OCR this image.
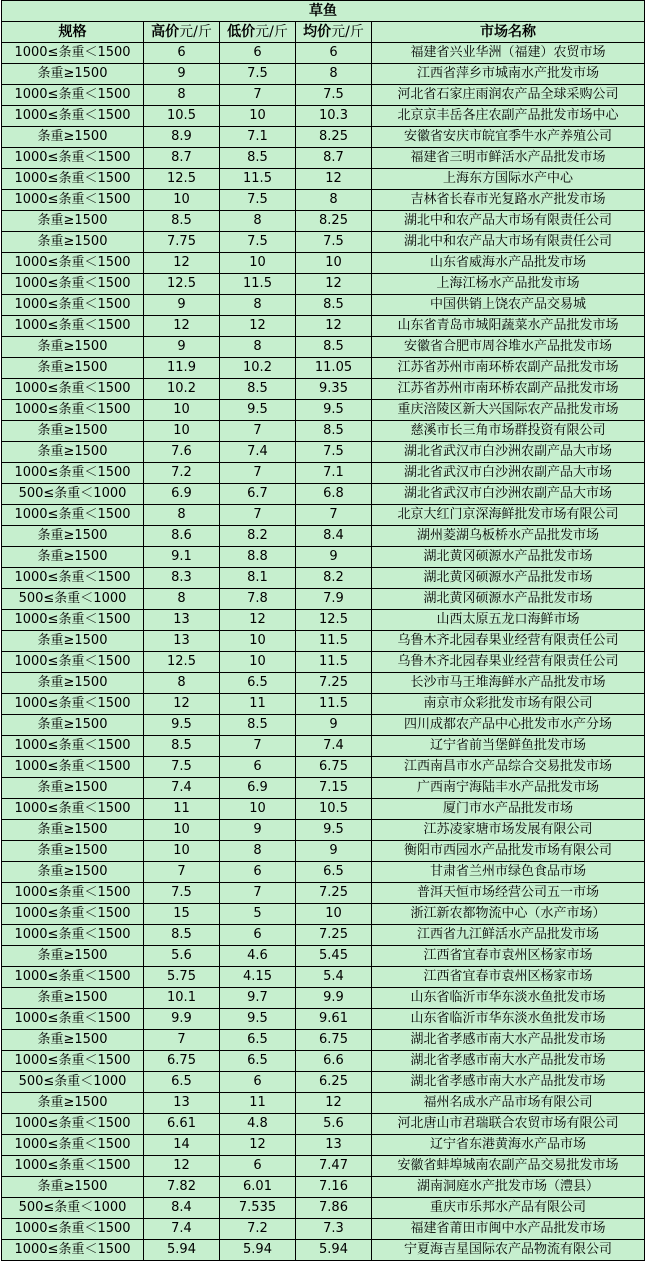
草鱼				
规格	高价元/斤	低价元/斤	均价元/斤	市场名称
1000≤条重＜1500	6	6	6	福建省兴业华洲（福建）农贸市场
条重≥1500	9	7.5	8	江西省萍乡市城南水产批发市场
1000≤条重＜1500	8	7	7.5	河北省石家庄雨润农产品全球采购公司
1000≤条重＜1500	10.5	10	10.3	北京京丰岳各庄农副产品批发市场中心
条重≥1500	8.9	7.1	8.25	安徽省安庆市皖宜季牛水产养殖公司
1000≤条重＜1500	8.7	8.5	8.7	福建省三明市鲜活水产品批发市场
1000≤条重＜1500	12.5	11.5	12	上海东方国际水产中心
1000≤条重＜1500	10	7.5	8	吉林省长春市光复路水产批发市场
条重≥1500	8.5	8	8.25	湖北中和农产品大市场有限责任公司
条重≥1500	7.75	7.5	7.5	湖北中和农产品大市场有限责任公司
1000≤条重＜1500	12	10	10	山东省威海水产品批发市场
1000≤条重＜1500	12.5	11.5	12	上海江杨水产品批发市场
1000≤条重＜1500	9	8	8.5	中国供销上饶农产品交易城
1000≤条重＜1500	12	12	12	山东省青岛市城阳蔬菜水产品批发市场
条重≥1500	9	8	8.5	安徽省合肥市周谷堆水产品批发市场
条重≥1500	11.9	10.2	11.05	江苏省苏州市南环桥农副产品批发市场
1000≤条重＜1500	10.2	8.5	9.35	江苏省苏州市南环桥农副产品批发市场
1000≤条重＜1500	10	9.5	9.5	重庆涪陵区新大兴国际农产品批发市场
条重≥1500	10	7	8.5	慈溪市长三角市场群投资有限公司
条重≥1500	7.6	7.4	7.5	湖北省武汉市白沙洲农副产品大市场
1000≤条重＜1500	7.2	7	7.1	湖北省武汉市白沙洲农副产品大市场
500≤条重＜1000	6.9	6.7	6.8	湖北省武汉市白沙洲农副产品大市场
1000≤条重＜1500	8	7	7	北京大红门京深海鲜批发市场有限公司
条重≥1500	8.6	8.2	8.4	湖州菱湖乌板桥水产品批发市场
条重≥1500	9.1	8.8	9	湖北黄冈硕源水产品批发市场
1000≤条重＜1500	8.3	8.1	8.2	湖北黄冈硕源水产品批发市场
500≤条重＜1000	8	7.8	7.9	湖北黄冈硕源水产品批发市场
1000≤条重＜1500	13	12	12.5	山西太原五龙口海鲜市场
条重≥1500	13	10	11.5	乌鲁木齐北园春果业经营有限责任公司
1000≤条重＜1500	12.5	10	11.5	乌鲁木齐北园春果业经营有限责任公司
条重≥1500	8	6.5	7.25	长沙市马王堆海鲜水产品批发市场
1000≤条重＜1500	12	11	11.5	南京市众彩批发市场有限公司
条重≥1500	9.5	8.5	9	四川成都农产品中心批发市水产分场
1000≤条重＜1500	8.5	7	7.4	辽宁省前当堡鲜鱼批发市场
1000≤条重＜1500	7.5	6	6.75	江西南昌市水产品综合交易批发市场
条重≥1500	7.4	6.9	7.15	广西南宁海陆丰水产品批发市场
1000≤条重＜1500	11	10	10.5	厦门市水产品批发市场
条重≥1500	10	9	9.5	江苏凌家塘市场发展有限公司
条重≥1500	10	8	9	衡阳市西园水产品批发市场有限公司
条重≥1500	7	6	6.5	甘肃省兰州市绿色食品市场
1000≤条重＜1500	7.5	7	7.25	普洱天恒市场经营公司五一市场
1000≤条重＜1500	15	5	10	浙江新农都物流中心（水产市场）
1000≤条重＜1500	8.5	6	7.25	江西省九江鲜活水产品批发市场
条重≥1500	5.6	4.6	5.45	江西省宜春市袁州区杨家市场
1000≤条重＜1500	5.75	4.15	5.4	江西省宜春市袁州区杨家市场
条重≥1500	10.1	9.7	9.9	山东省临沂市华东淡水鱼批发市场
1000≤条重＜1500	9.9	9.5	9.61	山东省临沂市华东淡水鱼批发市场
条重≥1500	7	6.5	6.75	湖北省孝感市南大水产品批发市场
1000≤条重＜1500	6.75	6.5	6.6	湖北省孝感市南大水产品批发市场
500≤条重＜1000	6.5	6	6.25	湖北省孝感市南大水产品批发市场
条重≥1500	13	11	12	福州名成水产品市场有限公司
1000≤条重＜1500	6.61	4.8	5.6	河北唐山市君瑞联合农贸市场有限公司
1000≤条重＜1500	14	12	13	辽宁省东港黄海水产品市场
1000≤条重＜1500	12	6	7.47	安徽省蚌埠城南农副产品交易批发市场
条重≥1500	7.82	6.01	7.16	湖南洞庭水产批发市场（澧县）
500≤条重＜1000	8.4	7.535	7.86	重庆市乐邦水产品有限公司
1000≤条重＜1500	7.4	7.2	7.3	福建省莆田市闽中水产品批发市场
1000≤条重＜1500	5.94	5.94	5.94	宁夏海吉星国际农产品物流有限公司
